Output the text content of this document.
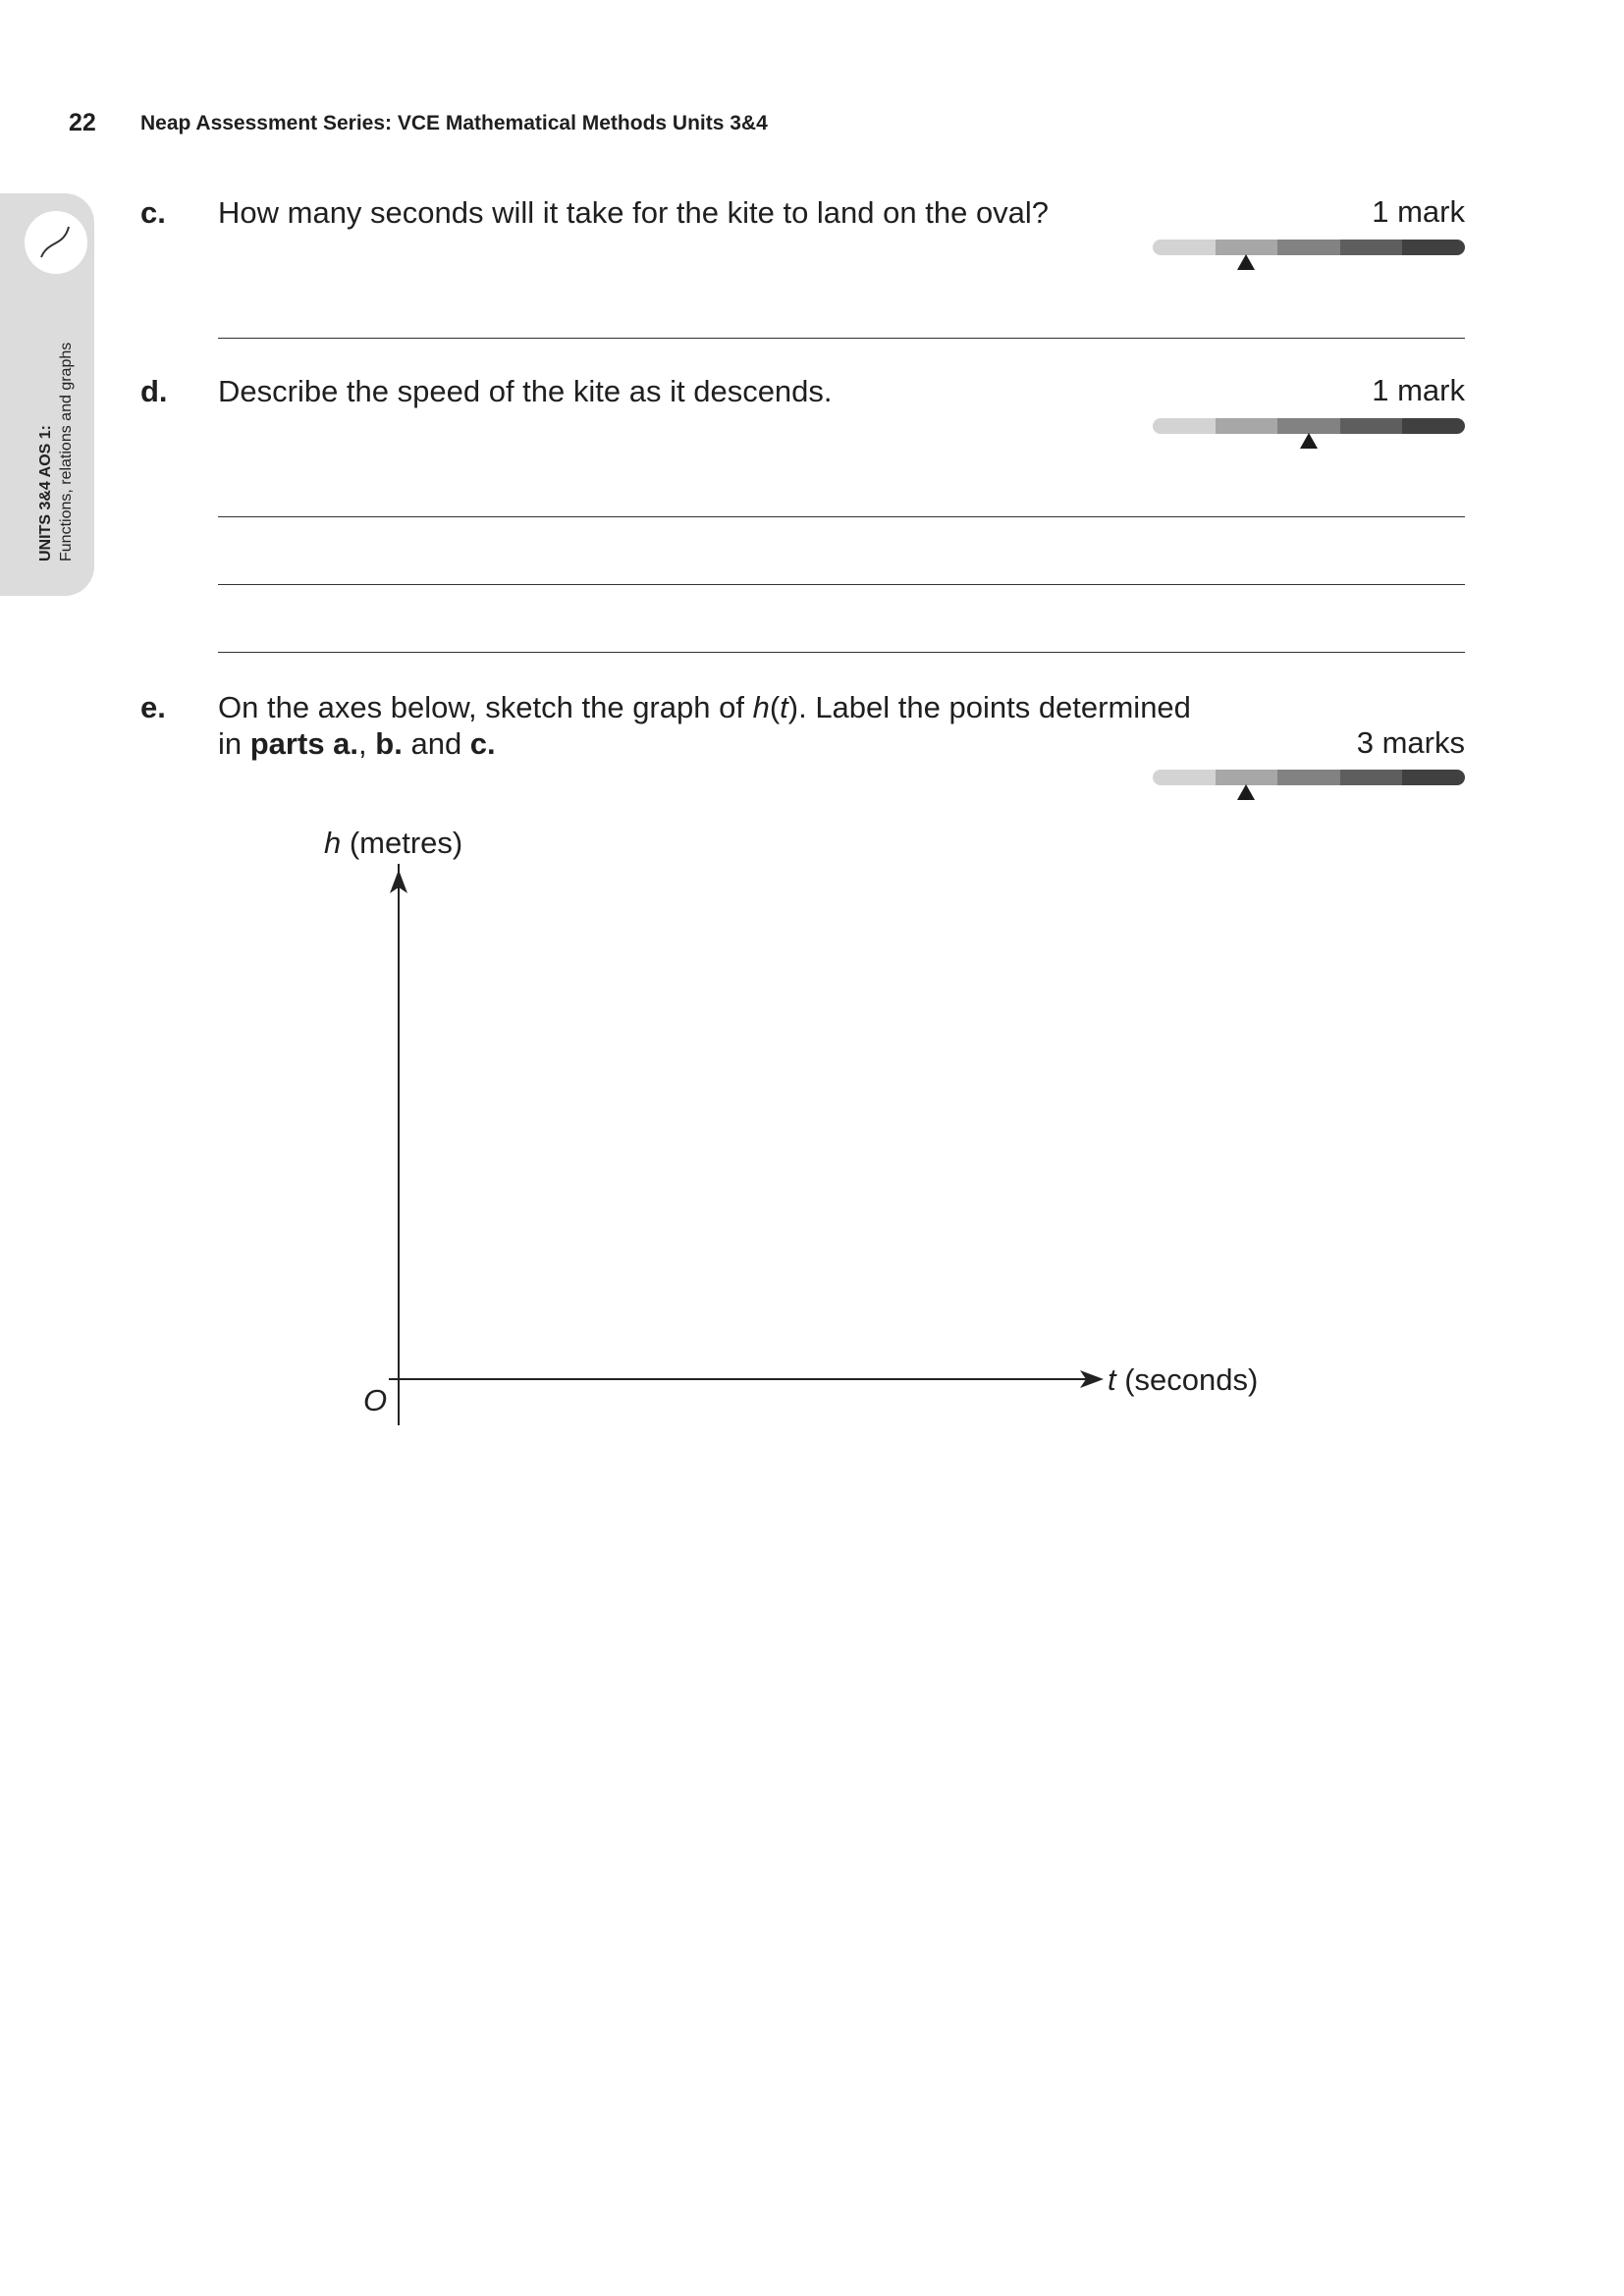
22 Neap Assessment Series: VCE Mathematical Methods Units 3&4
UNITS 3&4 AOS 1: Functions, relations and graphs
c. How many seconds will it take for the kite to land on the oval?	1 mark
d. Describe the speed of the kite as it descends.	1 mark
e. On the axes below, sketch the graph of h(t). Label the points determined
in parts a., b. and c.	3 marks
h (metres)
t (seconds)
O
